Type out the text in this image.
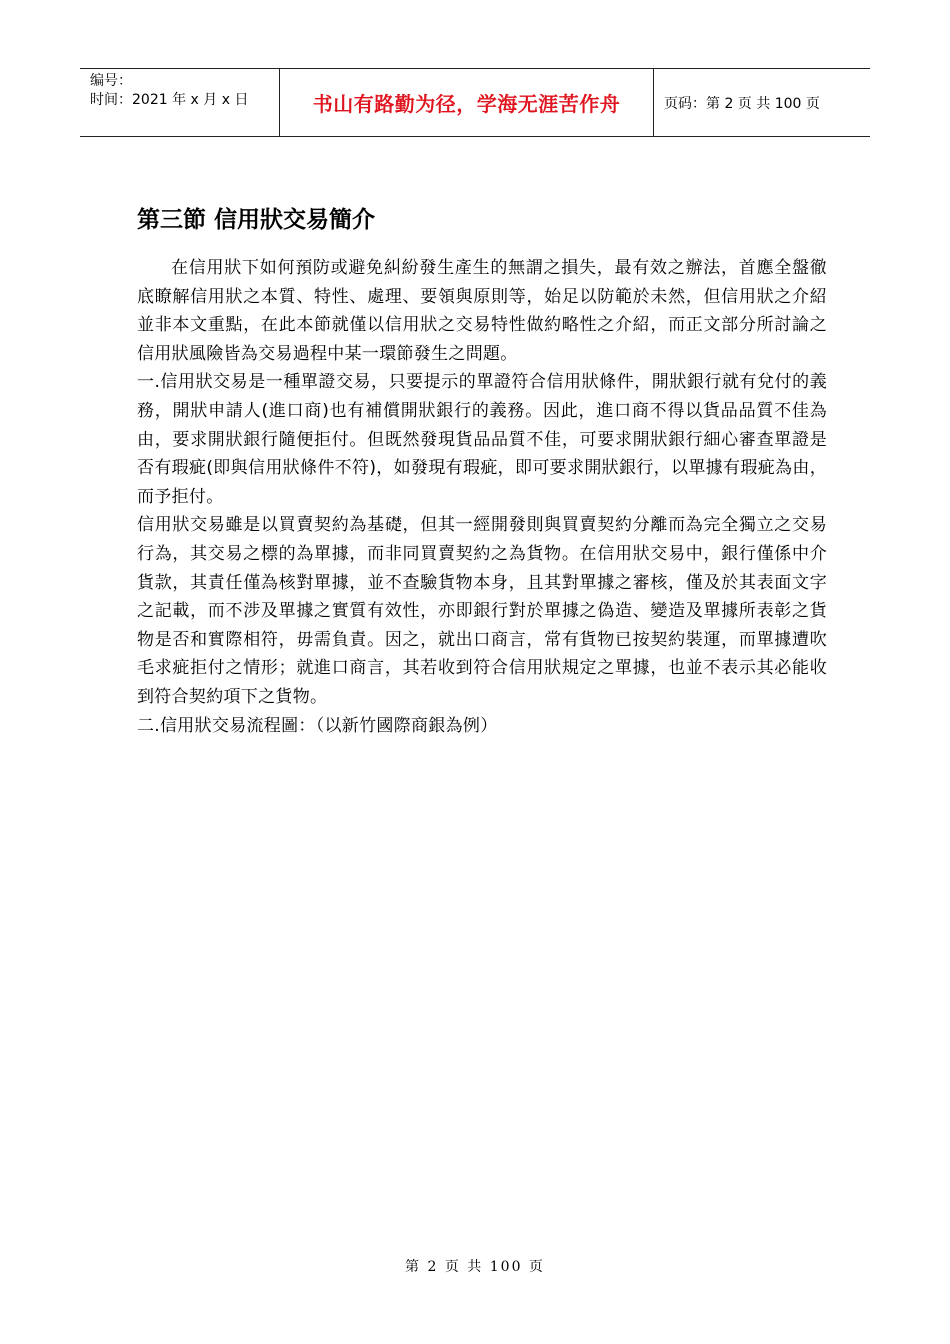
编号：
时间：2021 年 x 月 x 日	书山有路勤为径，学海无涯苦作舟	页码：第 2 页 共 100 页
第三節 信用狀交易簡介

在信用狀下如何預防或避免糾紛發生產生的無謂之損失，最有效之辦法，首應全盤徹底瞭解信用狀之本質、特性、處理、要領與原則等，始足以防範於未然，但信用狀之介紹並非本文重點，在此本節就僅以信用狀之交易特性做約略性之介紹，而正文部分所討論之信用狀風險皆為交易過程中某一環節發生之問題。

一.信用狀交易是一種單證交易，只要提示的單證符合信用狀條件，開狀銀行就有兌付的義務，開狀申請人(進口商)也有補償開狀銀行的義務。因此，進口商不得以貨品品質不佳為由，要求開狀銀行隨便拒付。但既然發現貨品品質不佳，可要求開狀銀行細心審查單證是否有瑕疵(即與信用狀條件不符)，如發現有瑕疵，即可要求開狀銀行，以單據有瑕疵為由，而予拒付。

信用狀交易雖是以買賣契約為基礎，但其一經開發則與買賣契約分離而為完全獨立之交易行為，其交易之標的為單據，而非同買賣契約之為貨物。在信用狀交易中，銀行僅係中介貨款，其責任僅為核對單據，並不查驗貨物本身，且其對單據之審核，僅及於其表面文字之記載，而不涉及單據之實質有效性，亦即銀行對於單據之偽造、變造及單據所表彰之貨物是否和實際相符，毋需負責。因之，就出口商言，常有貨物已按契約裝運，而單據遭吹毛求疵拒付之情形；就進口商言，其若收到符合信用狀規定之單據，也並不表示其必能收到符合契約項下之貨物。

二.信用狀交易流程圖：（以新竹國際商銀為例）

第 2 页 共 100 页
